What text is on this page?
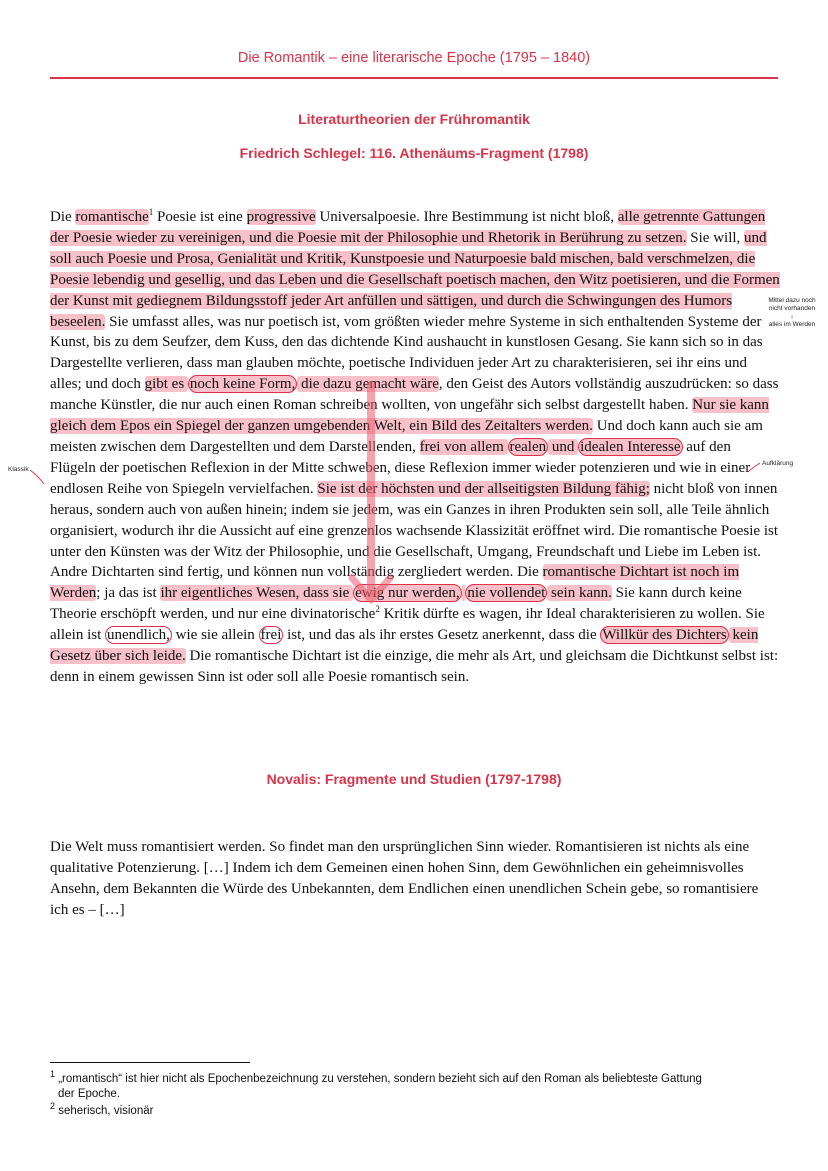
Die Romantik – eine literarische Epoche (1795 – 1840)
Literaturtheorien der Frühromantik
Friedrich Schlegel: 116. Athenäums-Fragment (1798)
Die romantische$^1$ Poesie ist eine progressive Universalpoesie. Ihre Bestimmung ist nicht bloß, alle getrennte Gattungen der Poesie wieder zu vereinigen, und die Poesie mit der Philosophie und Rhetorik in Berührung zu setzen. Sie will, und soll auch Poesie und Prosa, Genialität und Kritik, Kunstpoesie und Naturpoesie bald mischen, bald verschmelzen, die Poesie lebendig und gesellig, und das Leben und die Gesellschaft poetisch machen, den Witz poetisieren, und die Formen der Kunst mit gediegnem Bildungsstoff jeder Art anfüllen und sättigen, und durch die Schwingungen des Humors beseelen. Sie umfasst alles, was nur poetisch ist, vom größten wieder mehre Systeme in sich enthaltenden Systeme der Kunst, bis zu dem Seufzer, dem Kuss, den das dichtende Kind aushaucht in kunstlosen Gesang. Sie kann sich so in das Dargestellte verlieren, dass man glauben möchte, poetische Individuen jeder Art zu charakterisieren, sei ihr eins und alles; und doch gibt es noch keine Form, die dazu gemacht wäre, den Geist des Autors vollständig auszudrücken: so dass manche Künstler, die nur auch einen Roman schreiben wollten, von ungefähr sich selbst dargestellt haben. Nur sie kann gleich dem Epos ein Spiegel der ganzen umgebenden Welt, ein Bild des Zeitalters werden. Und doch kann auch sie am meisten zwischen dem Dargestellten und dem Darstellenden, frei von allem realen und idealen Interesse auf den Flügeln der poetischen Reflexion in der Mitte schweben, diese Reflexion immer wieder potenzieren und wie in einer endlosen Reihe von Spiegeln vervielfachen. Sie ist der höchsten und der allseitigsten Bildung fähig; nicht bloß von innen heraus, sondern auch von außen hinein; indem sie jedem, was ein Ganzes in ihren Produkten sein soll, alle Teile ähnlich organisiert, wodurch ihr die Aussicht auf eine grenzenlos wachsende Klassizität eröffnet wird. Die romantische Poesie ist unter den Künsten was der Witz der Philosophie, und die Gesellschaft, Umgang, Freundschaft und Liebe im Leben ist. Andre Dichtarten sind fertig, und können nun vollständig zergliedert werden. Die romantische Dichtart ist noch im Werden; ja das ist ihr eigentliches Wesen, dass sie ewig nur werden, nie vollendet sein kann. Sie kann durch keine Theorie erschöpft werden, und nur eine divinatorische$^2$ Kritik dürfte es wagen, ihr Ideal charakterisieren zu wollen. Sie allein ist unendlich, wie sie allein frei ist, und das als ihr erstes Gesetz anerkennt, dass die Willkür des Dichters kein Gesetz über sich leide. Die romantische Dichtart ist die einzige, die mehr als Art, und gleichsam die Dichtkunst selbst ist: denn in einem gewissen Sinn ist oder soll alle Poesie romantisch sein.
Klassik
Aufklärung
Mittel dazu noch
nicht vorhanden
↓
alles im Werden
Novalis: Fragmente und Studien (1797-1798)
Die Welt muss romantisiert werden. So findet man den ursprünglichen Sinn wieder. Romantisieren ist nichts als eine qualitative Potenzierung. […] Indem ich dem Gemeinen einen hohen Sinn, dem Gewöhnlichen ein geheimnisvolles Ansehn, dem Bekannten die Würde des Unbekannten, dem Endlichen einen unendlichen Schein gebe, so romantisiere ich es – […]
$^1$ „romantisch“ ist hier nicht als Epochenbezeichnung zu verstehen, sondern bezieht sich auf den Roman als beliebteste Gattung
der Epoche.
$^2$ seherisch, visionär
